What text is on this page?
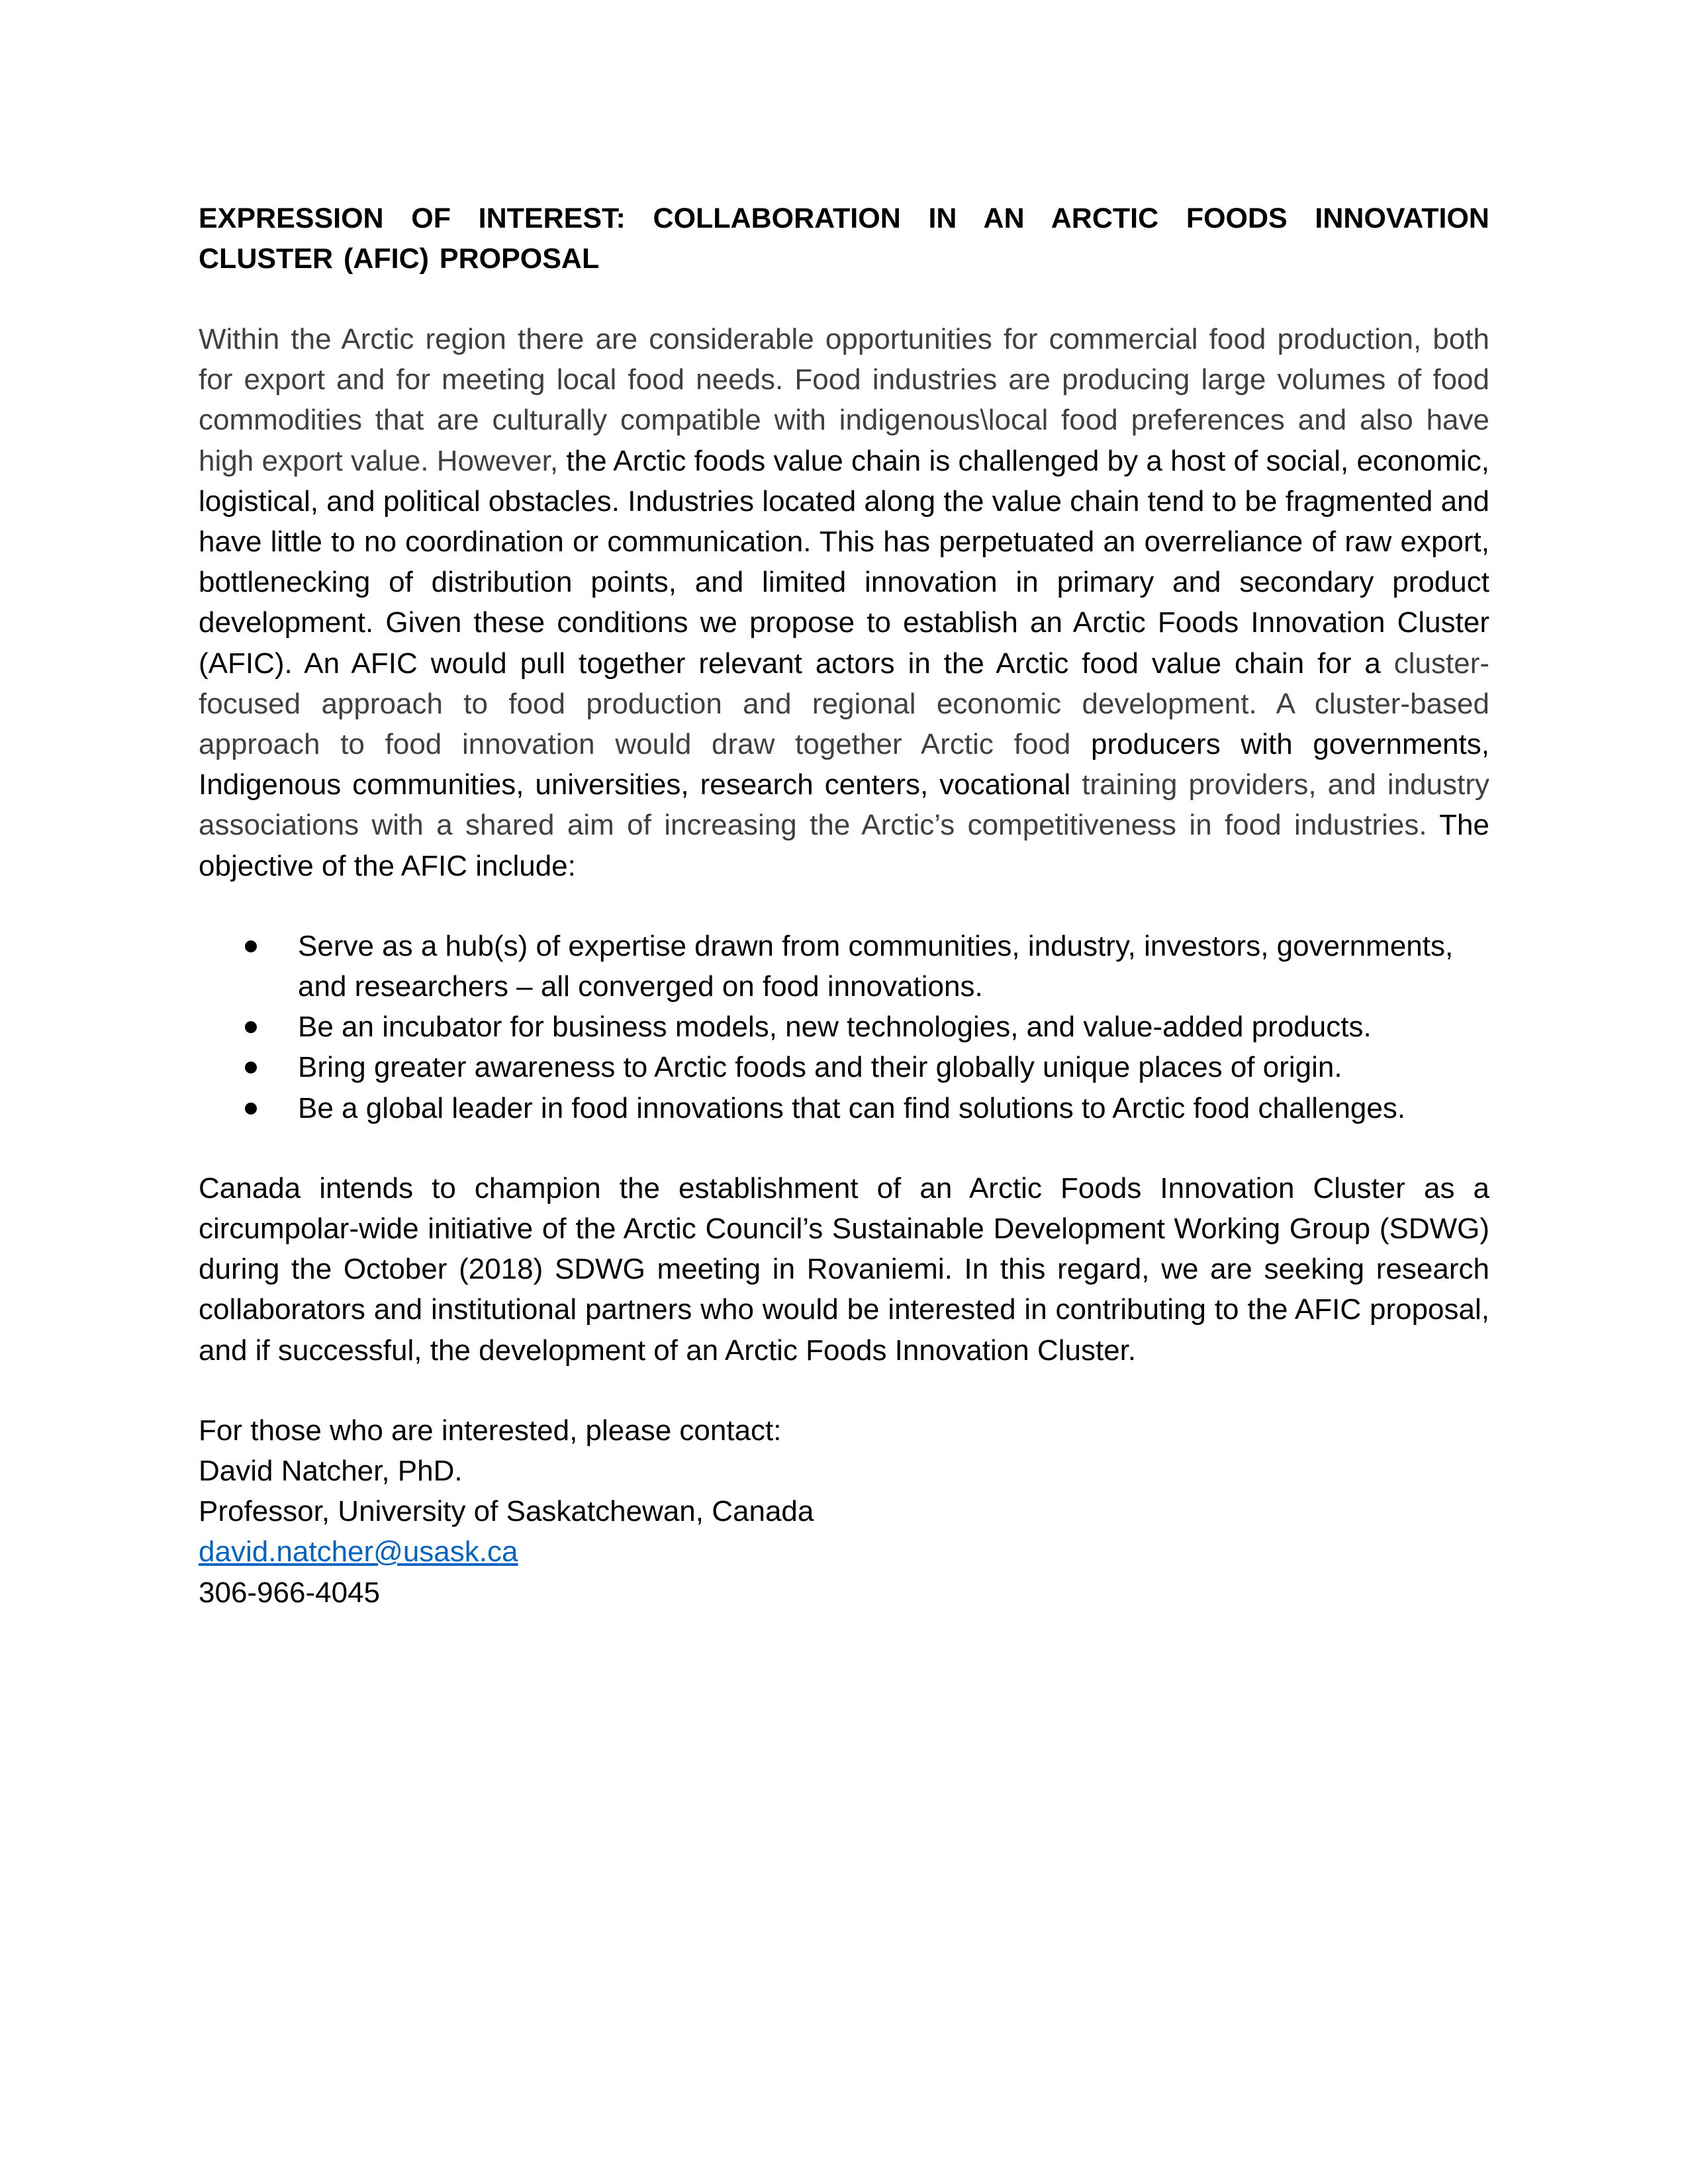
EXPRESSION OF INTEREST: COLLABORATION IN AN ARCTIC FOODS INNOVATION CLUSTER (AFIC) PROPOSAL

Within the Arctic region there are considerable opportunities for commercial food production, both for export and for meeting local food needs. Food industries are producing large volumes of food commodities that are culturally compatible with indigenous\local food preferences and also have high export value. However, the Arctic foods value chain is challenged by a host of social, economic, logistical, and political obstacles. Industries located along the value chain tend to be fragmented and have little to no coordination or communication. This has perpetuated an overreliance of raw export, bottlenecking of distribution points, and limited innovation in primary and secondary product development. Given these conditions we propose to establish an Arctic Foods Innovation Cluster (AFIC). An AFIC would pull together relevant actors in the Arctic food value chain for a cluster-focused approach to food production and regional economic development. A cluster-based approach to food innovation would draw together Arctic food producers with governments, Indigenous communities, universities, research centers, vocational training providers, and industry associations with a shared aim of increasing the Arctic’s competitiveness in food industries. The objective of the AFIC include:

Serve as a hub(s) of expertise drawn from communities, industry, investors, governments, and researchers – all converged on food innovations.
Be an incubator for business models, new technologies, and value-added products.
Bring greater awareness to Arctic foods and their globally unique places of origin.
Be a global leader in food innovations that can find solutions to Arctic food challenges.

Canada intends to champion the establishment of an Arctic Foods Innovation Cluster as a circumpolar-wide initiative of the Arctic Council’s Sustainable Development Working Group (SDWG) during the October (2018) SDWG meeting in Rovaniemi. In this regard, we are seeking research collaborators and institutional partners who would be interested in contributing to the AFIC proposal, and if successful, the development of an Arctic Foods Innovation Cluster.

For those who are interested, please contact:
David Natcher, PhD.
Professor, University of Saskatchewan, Canada
david.natcher@usask.ca
306-966-4045
